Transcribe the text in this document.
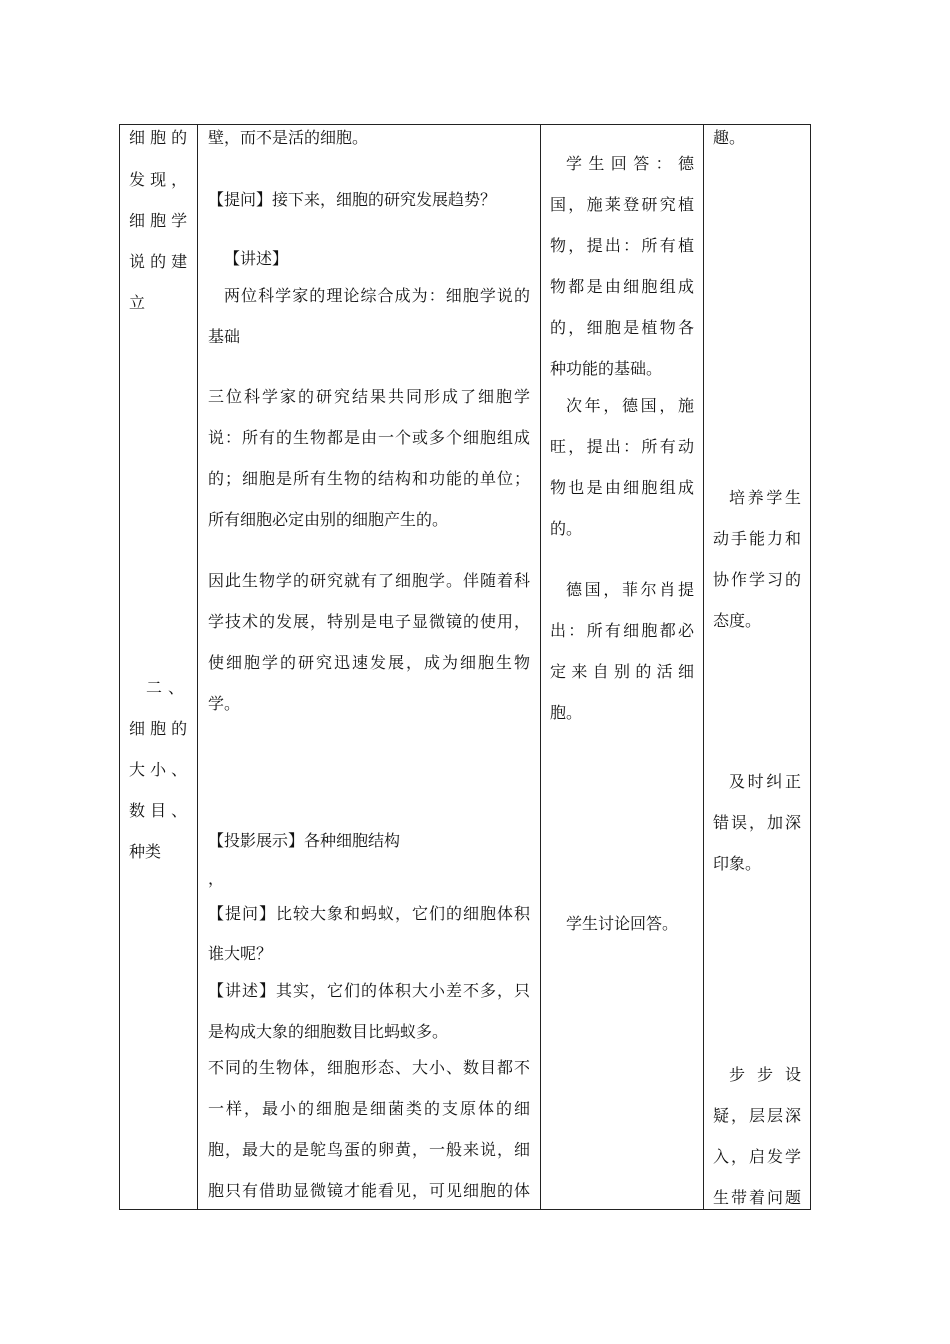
细 胞 的
发 现 ，
细 胞 学
说 的 建
立
二 、
细 胞 的
大 小 、
数 目 、
种类
壁，而不是活的细胞。
【提问】接下来，细胞的研究发展趋势？
【讲述】
两位科学家的理论综合成为：细胞学说的
基础
三位科学家的研究结果共同形成了细胞学
说：所有的生物都是由一个或多个细胞组成
的；细胞是所有生物的结构和功能的单位；
所有细胞必定由别的细胞产生的。
因此生物学的研究就有了细胞学。伴随着科
学技术的发展，特别是电子显微镜的使用，
使细胞学的研究迅速发展，成为细胞生物
学。
【投影展示】各种细胞结构
，
【提问】比较大象和蚂蚁，它们的细胞体积
谁大呢？
【讲述】其实，它们的体积大小差不多，只
是构成大象的细胞数目比蚂蚁多。
不同的生物体，细胞形态、大小、数目都不
一样，最小的细胞是细菌类的支原体的细
胞，最大的是鸵鸟蛋的卵黄，一般来说，细
胞只有借助显微镜才能看见，可见细胞的体
学 生 回 答 ： 德
国，施莱登研究植
物，提出：所有植
物都是由细胞组成
的，细胞是植物各
种功能的基础。
次年，德国，施
旺，提出：所有动
物也是由细胞组成
的。
德国，菲尔肖提
出：所有细胞都必
定来自别的活细
胞。
学生讨论回答。
趣。
培养学生
动手能力和
协作学习的
态度。
及时纠正
错误，加深
印象。
步 步 设
疑，层层深
入，启发学
生带着问题
